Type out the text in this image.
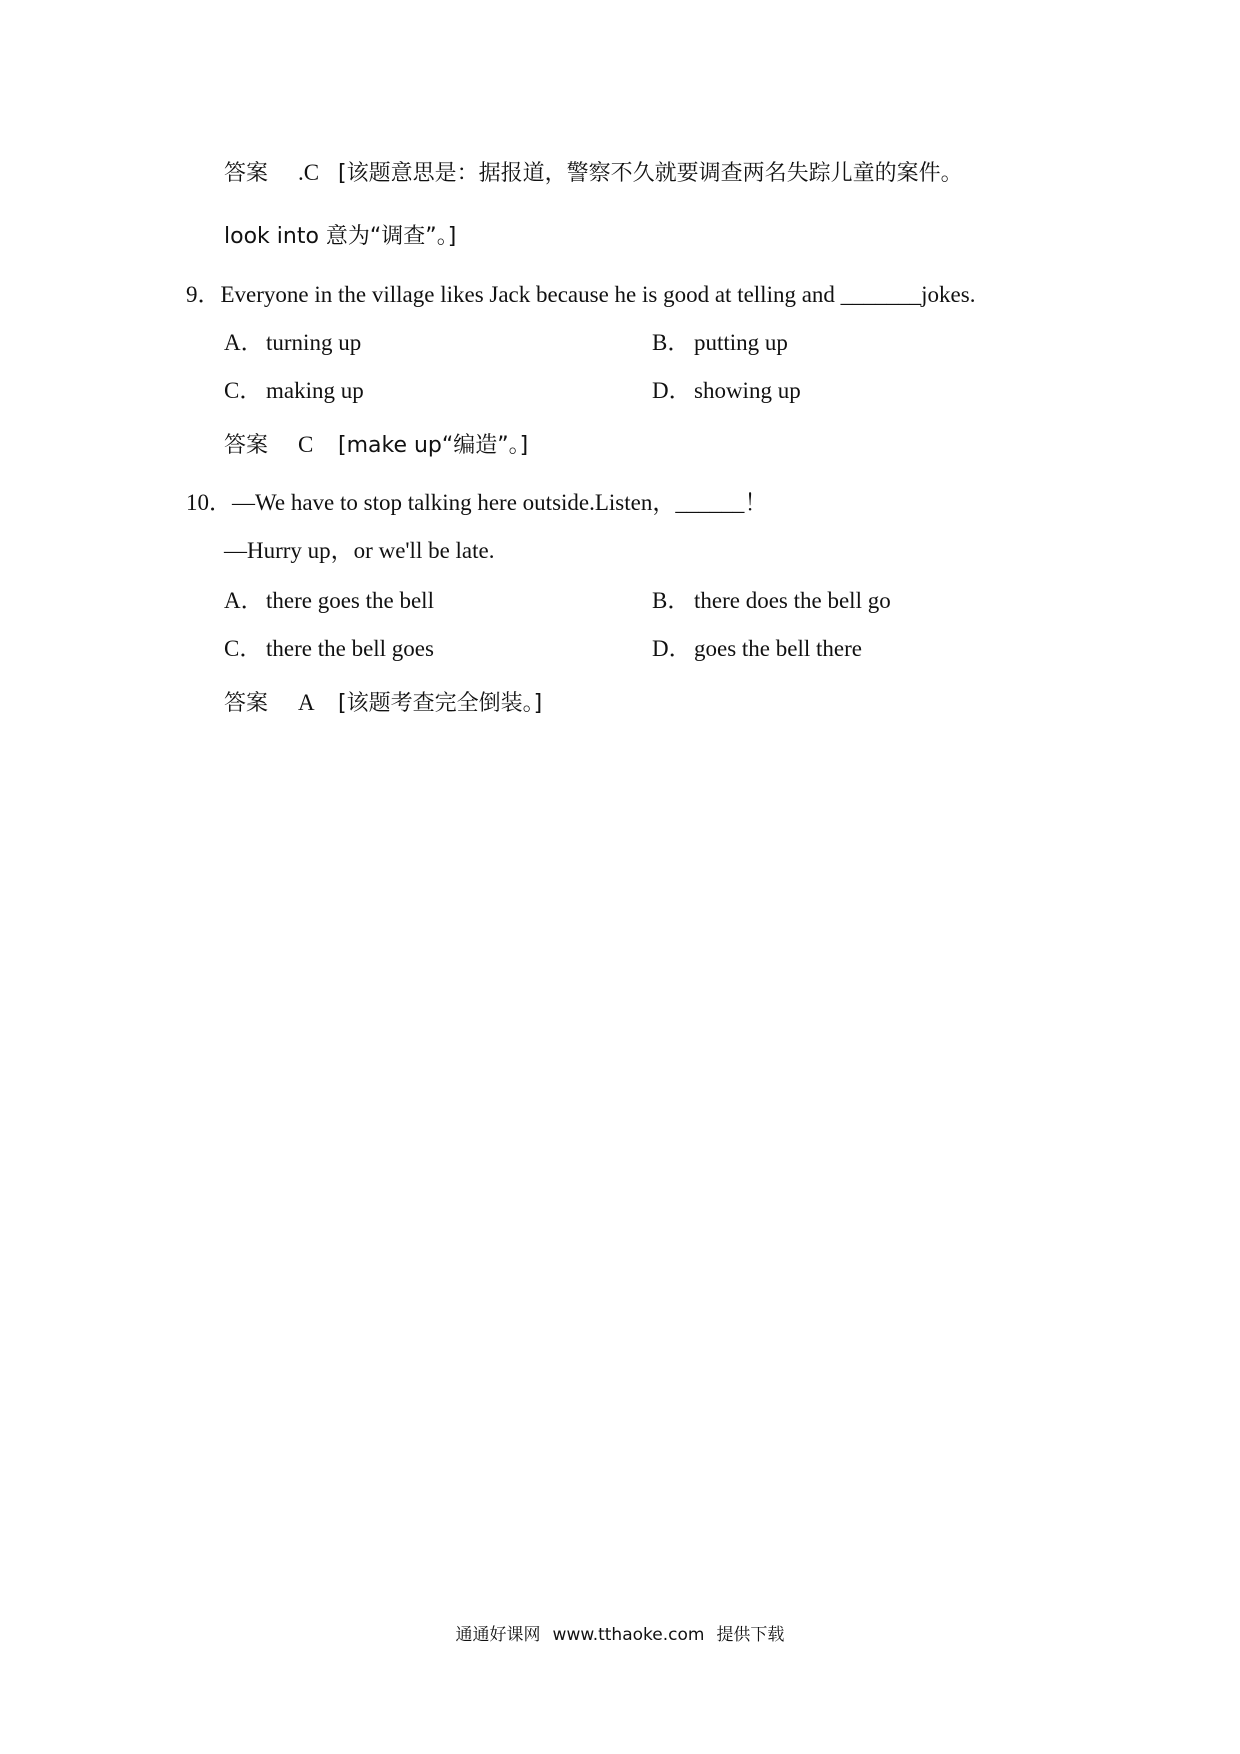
答案 .C [该题意思是：据报道，警察不久就要调查两名失踪儿童的案件。
look into 意为“调查”。]
9．Everyone in the village likes Jack because he is good at telling and _______jokes.
A． turning up	B． putting up
C． making up	D． showing up
答案 C [make up“编造”。]
10．—We have to stop talking here outside.Listen，______！
—Hurry up，or we'll be late.
A． there goes the bell	B． there does the bell go
C． there the bell goes	D． goes the bell there
答案 A [该题考查完全倒装。]
通通好课网 www.tthaoke.com 提供下载
